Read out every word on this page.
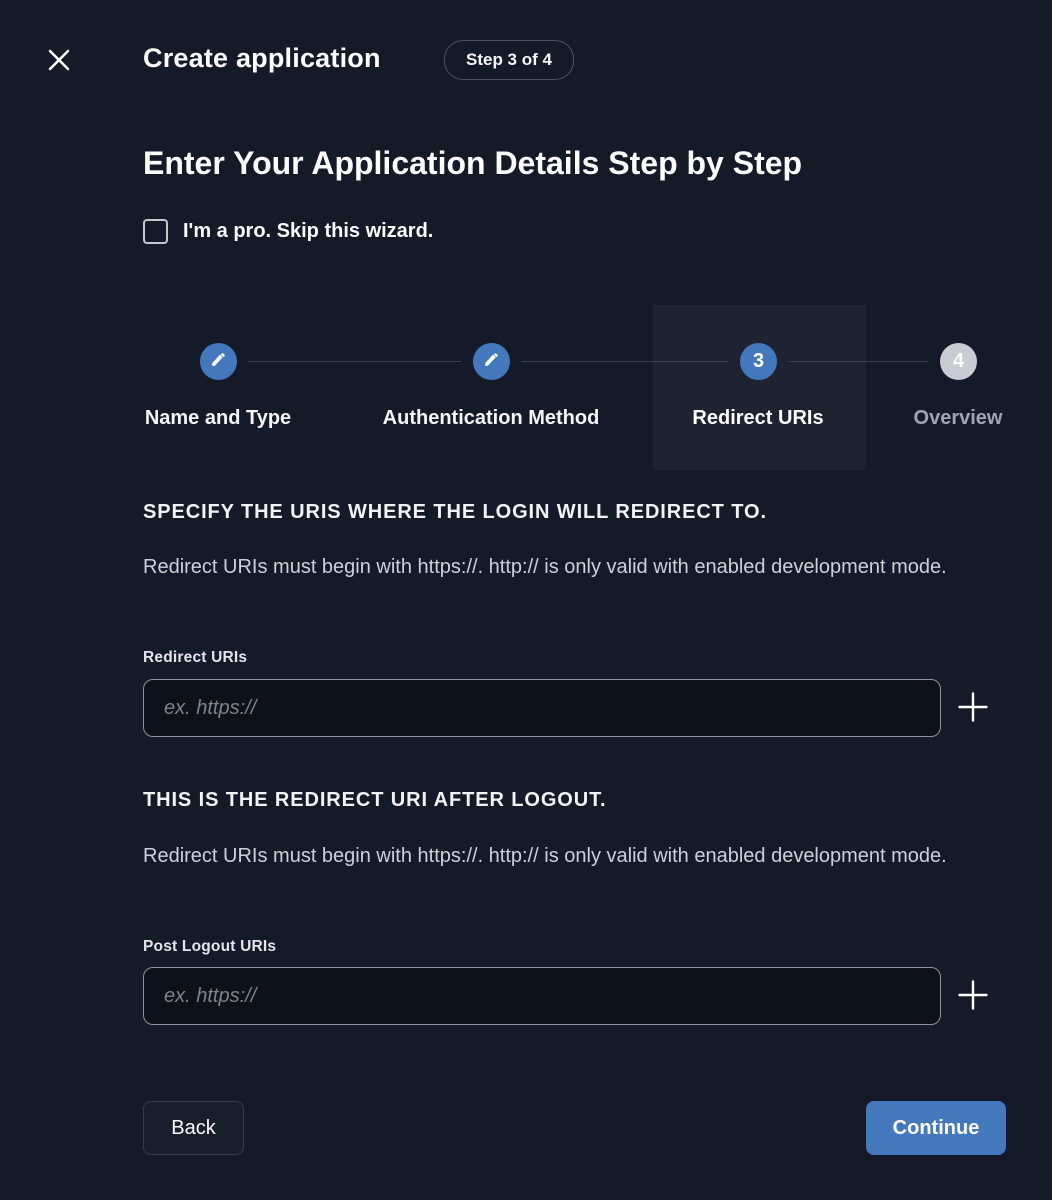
Create application	Step 3 of 4
Enter Your Application Details Step by Step
I'm a pro. Skip this wizard.
3	4
Name and Type	Authentication Method	Redirect URIs	Overview
SPECIFY THE URIS WHERE THE LOGIN WILL REDIRECT TO.
Redirect URIs must begin with https://. http:// is only valid with enabled development mode.
Redirect URIs
ex. https://
THIS IS THE REDIRECT URI AFTER LOGOUT.
Redirect URIs must begin with https://. http:// is only valid with enabled development mode.
Post Logout URIs
ex. https://
Back	Continue
